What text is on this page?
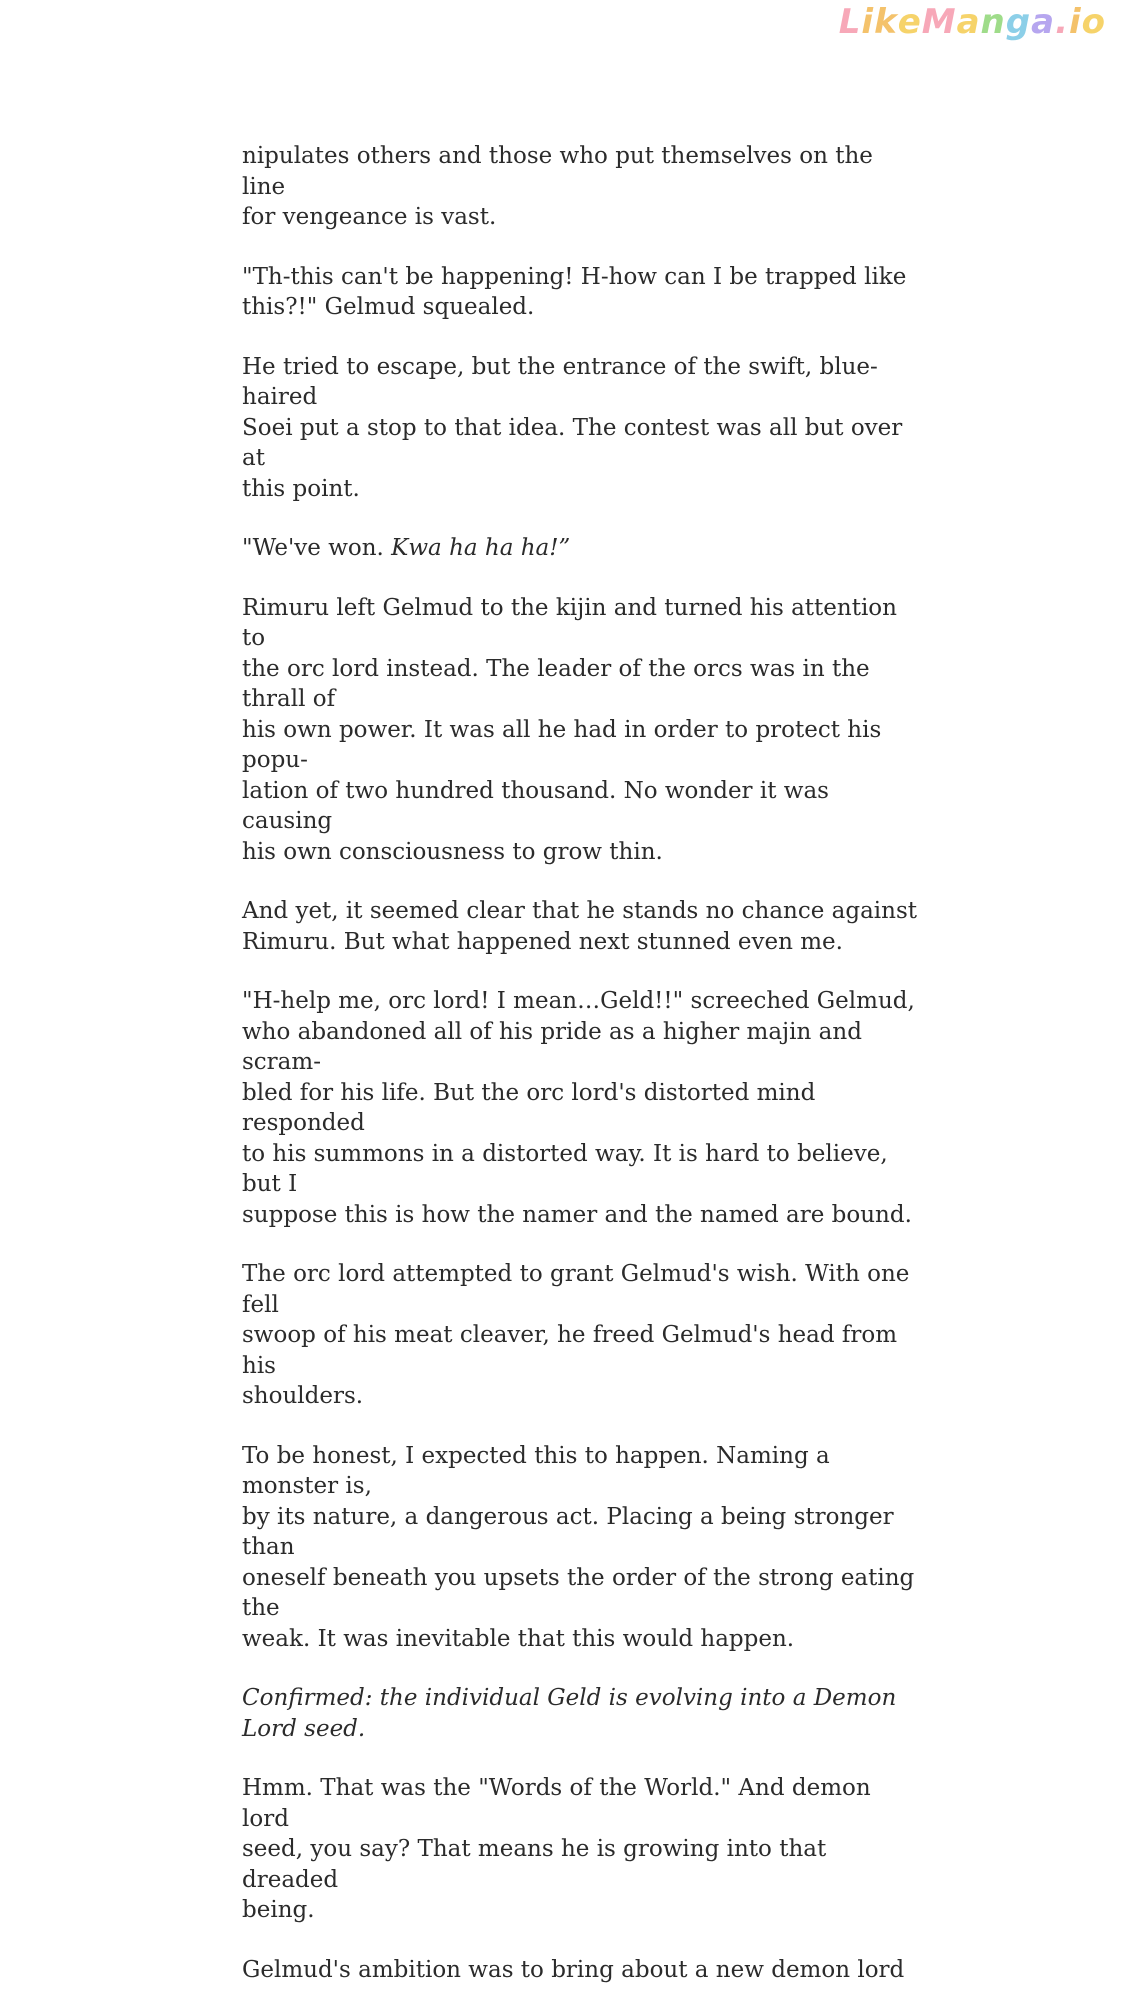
LikeManga.io

nipulates others and those who put themselves on the line
for vengeance is vast.

"Th-this can't be happening! H-how can I be trapped like
this?!" Gelmud squealed.

He tried to escape, but the entrance of the swift, blue-haired
Soei put a stop to that idea. The contest was all but over at
this point.

"We've won. Kwa ha ha ha!”

Rimuru left Gelmud to the kijin and turned his attention to
the orc lord instead. The leader of the orcs was in the thrall of
his own power. It was all he had in order to protect his popu-
lation of two hundred thousand. No wonder it was causing
his own consciousness to grow thin.

And yet, it seemed clear that he stands no chance against
Rimuru. But what happened next stunned even me.

"H-help me, orc lord! I mean…Geld!!" screeched Gelmud,
who abandoned all of his pride as a higher majin and scram-
bled for his life. But the orc lord's distorted mind responded
to his summons in a distorted way. It is hard to believe, but I
suppose this is how the namer and the named are bound.

The orc lord attempted to grant Gelmud's wish. With one fell
swoop of his meat cleaver, he freed Gelmud's head from his
shoulders.

To be honest, I expected this to happen. Naming a monster is,
by its nature, a dangerous act. Placing a being stronger than
oneself beneath you upsets the order of the strong eating the
weak. It was inevitable that this would happen.

Confirmed: the individual Geld is evolving into a Demon Lord seed.

Hmm. That was the "Words of the World." And demon lord
seed, you say? That means he is growing into that dreaded
being.

Gelmud's ambition was to bring about a new demon lord
